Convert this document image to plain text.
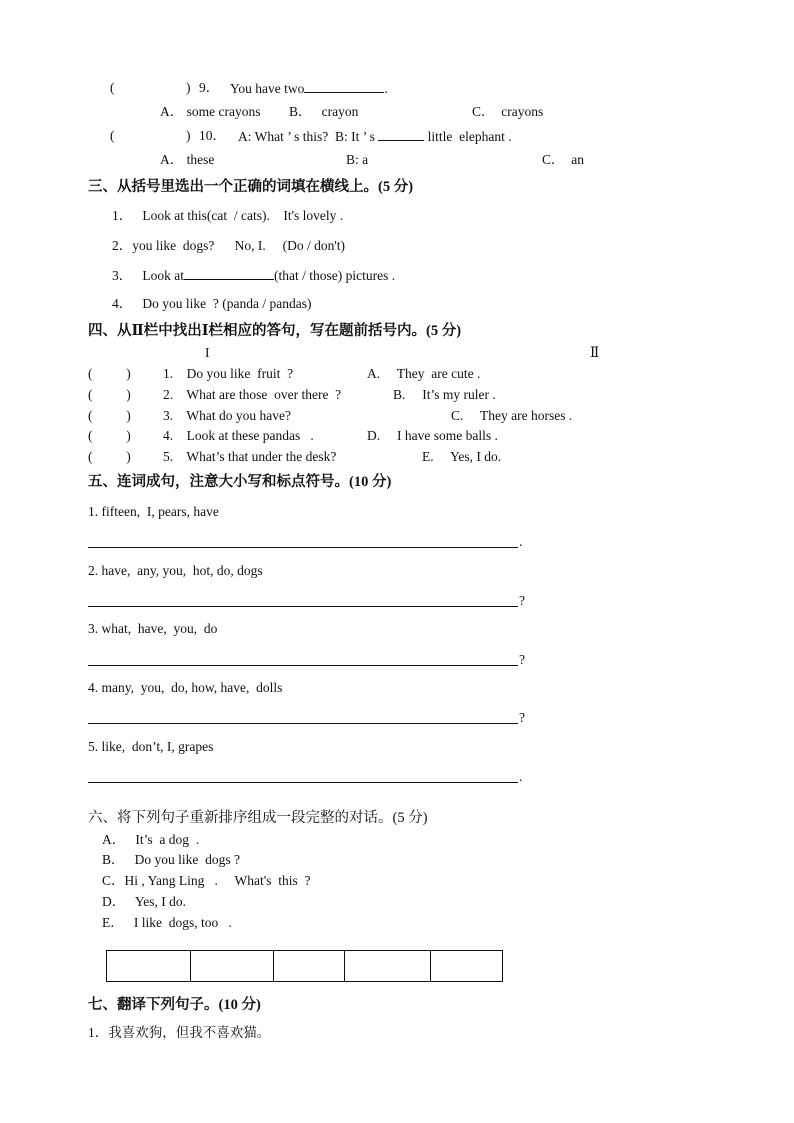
(	) 9． You have two	.
A． some crayons B．   crayon	C．  crayons
(	) 10． A: What ’ s this?  B: It ’ s	little  elephant .
A． these	B: a	C．  an
三、从括号里选出一个正确的词填在横线上。(5 分)
1．   Look at this(cat  / cats).    It's lovely .
2．you like  dogs?      No, I.     (Do / don't)
3．   Look at	(that / those) pictures .
4．   Do you like  ? (panda / pandas)
四、从Ⅱ栏中找出Ⅰ栏相应的答句，写在题前括号内。(5 分)
I	Ⅱ
(          ) 1.    Do you like  fruit  ?	A.     They  are cute .
(          ) 2.    What are those  over there  ?	B.     It’s my ruler .
(          ) 3.    What do you have?	C.     They are horses .
(          ) 4.    Look at these pandas   .	D.     I have some balls .
(          ) 5.    What’s that under the desk?	E.     Yes, I do.
五、连词成句，注意大小写和标点符号。(10 分)
1. fifteen,  I, pears, have
.
2. have,  any, you,  hot, do, dogs
?
3. what,  have,  you,  do
?
4. many,  you,  do, how, have,  dolls
?
5. like,  don’t, I, grapes
.
六、将下列句子重新排序组成一段完整的对话。(5 分)
A．   It’s  a dog  .
B．   Do you like  dogs ?
C．Hi , Yang Ling   .     What's  this  ?
D．   Yes, I do.
E．   I like  dogs, too   .

七、翻译下列句子。(10 分)
1．我喜欢狗，但我不喜欢猫。
